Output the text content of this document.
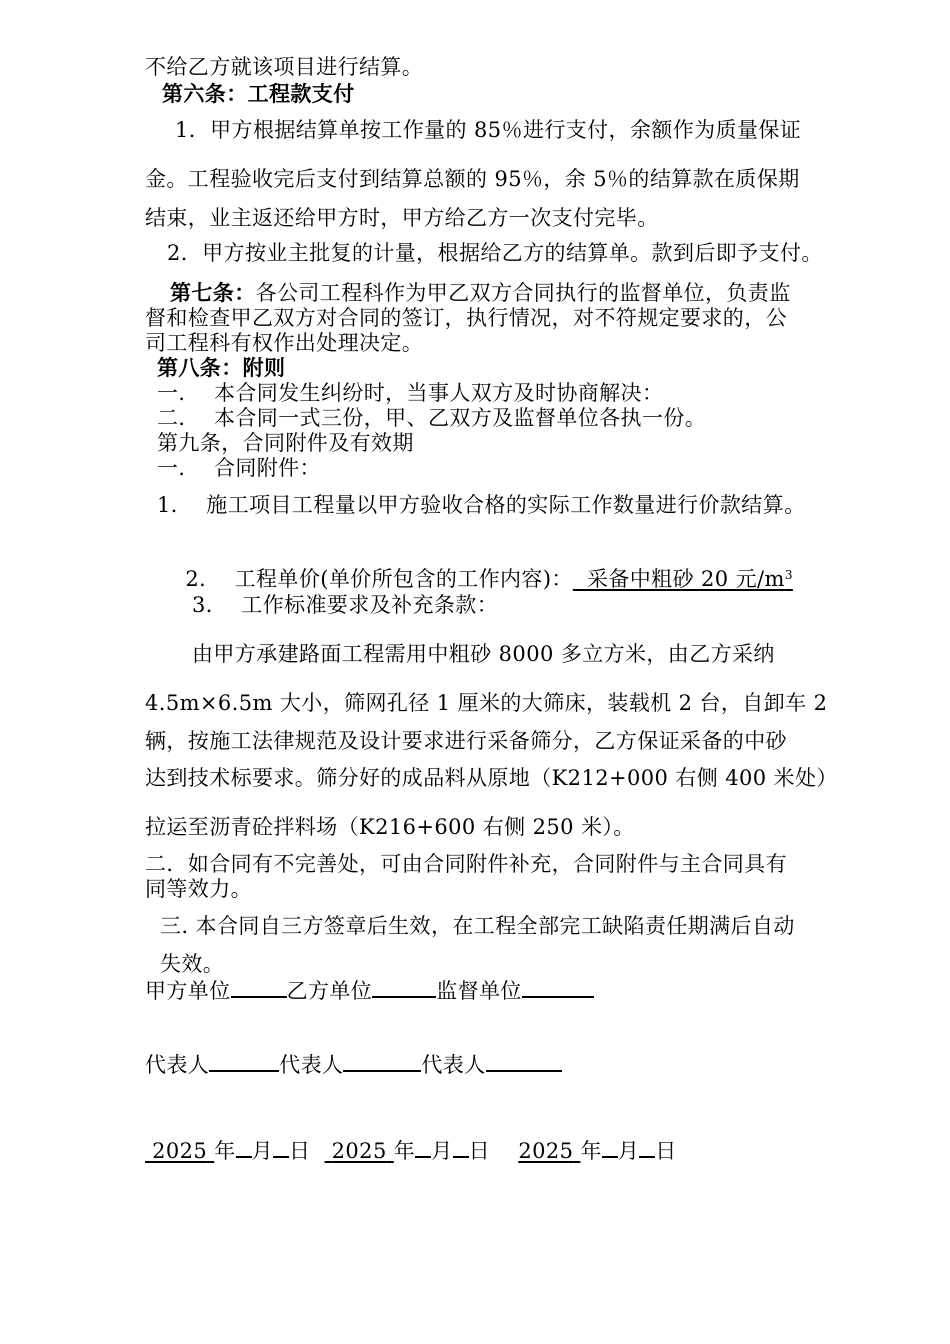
不给乙方就该项目进行结算。
第六条：工程款支付
1．甲方根据结算单按工作量的 85％进行支付，余额作为质量保证
金。工程验收完后支付到结算总额的 95％，余 5％的结算款在质保期
结束，业主返还给甲方时，甲方给乙方一次支付完毕。
2．甲方按业主批复的计量，根据给乙方的结算单。款到后即予支付。
第七条：各公司工程科作为甲乙双方合同执行的监督单位，负责监
督和检查甲乙双方对合同的签订，执行情况，对不符规定要求的，公
司工程科有权作出处理决定。
第八条：附则
一．  本合同发生纠纷时，当事人双方及时协商解决：
二．  本合同一式三份，甲、乙双方及监督单位各执一份。
第九条，合同附件及有效期
一．  合同附件：
1．  施工项目工程量以甲方验收合格的实际工作数量进行价款结算。

2．  工程单价(单价所包含的工作内容)：  采备中粗砂 20 元$/m^3$

3．  工作标准要求及补充条款：
由甲方承建路面工程需用中粗砂 8000 多立方米，由乙方采纳
4.5m×6.5m 大小，筛网孔径 1 厘米的大筛床，装载机 2 台，自卸车 2
辆，按施工法律规范及设计要求进行采备筛分，乙方保证采备的中砂
达到技术标要求。筛分好的成品料从原地（K212+000 右侧 400 米处）
拉运至沥青砼拌料场（K216+600 右侧 250 米）。
二．如合同有不完善处，可由合同附件补充，合同附件与主合同具有
同等效力。
三. 本合同自三方签章后生效，在工程全部完工缺陷责任期满后自动
失效。
甲方单位	乙方单位	监督单位
代表人	代表人	代表人
2025 年 月 日 2025 年 月 日 2025 年 月 日
